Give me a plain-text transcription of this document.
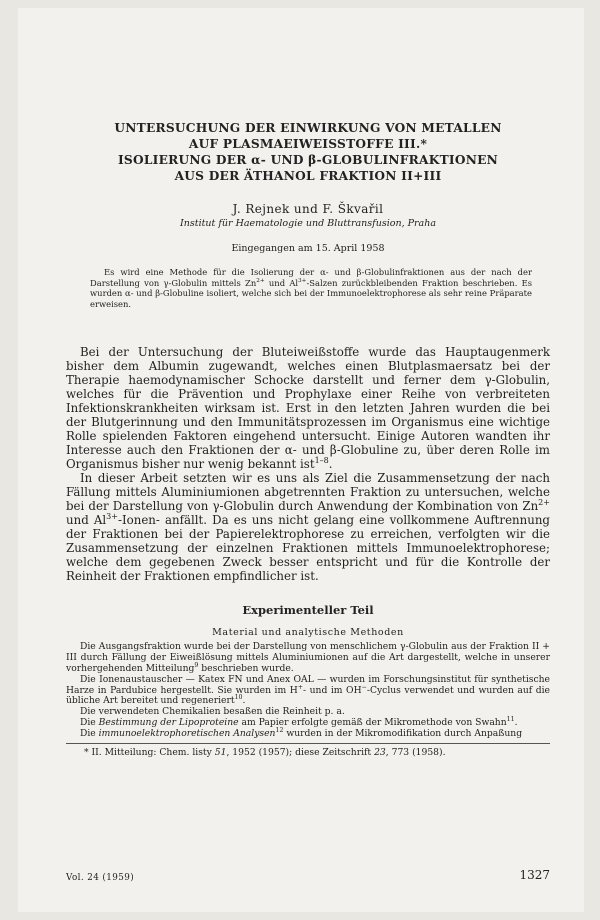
UNTERSUCHUNG DER EINWIRKUNG VON METALLEN

AUF PLASMAEIWEISSTOFFE III.*

ISOLIERUNG DER α- UND β-GLOBULINFRAKTIONEN

AUS DER ÄTHANOL FRAKTION II+III

J. Rejnek und F. Škvařil
Institut für Haematologie und Bluttransfusion, Praha
Eingegangen am 15. April 1958
Es wird eine Methode für die Isolierung der α- und β-Globulinfraktionen aus der nach der Darstellung von γ-Globulin mittels $Zn^{2+}$ und $Al^{3+}$-Salzen zurückbleibenden Fraktion beschrieben. Es wurden α- und β-Globuline isoliert, welche sich bei der Immunoelektrophorese als sehr reine Präparate erweisen.

Bei der Untersuchung der Bluteiweißstoffe wurde das Hauptaugenmerk bisher dem Albumin zugewandt, welches einen Blutplasmaersatz bei der Therapie haemodynamischer Schocke darstellt und ferner dem γ-Globulin, welches für die Prävention und Prophylaxe einer Reihe von verbreiteten Infektionskrankheiten wirksam ist. Erst in den letzten Jahren wurden die bei der Blutgerinnung und den Immunitätsprozessen im Organismus eine wichtige Rolle spielenden Faktoren eingehend untersucht. Einige Autoren wandten ihr Interesse auch den Fraktionen der α- und β-Globuline zu, über deren Rolle im Organismus bisher nur wenig bekannt ist$^{1-8}$.

In dieser Arbeit setzten wir es uns als Ziel die Zusammensetzung der nach Fällung mittels Aluminiumionen abgetrennten Fraktion zu untersuchen, welche bei der Darstellung von γ-Globulin durch Anwendung der Kombination von $Zn^{2+}$ und $Al^{3+}-Ionen-$ anfällt. Da es uns nicht gelang eine vollkommene Auftrennung der Fraktionen bei der Papierelektrophorese zu erreichen, verfolgten wir die Zusammensetzung der einzelnen Fraktionen mittels Immunoelektrophorese; welche dem gegebenen Zweck besser entspricht und für die Kontrolle der Reinheit der Fraktionen empfindlicher ist.

Experimenteller Teil
Material und analytische Methoden

Die Ausgangsfraktion wurde bei der Darstellung von menschlichem γ-Globulin aus der Fraktion II + III durch Fällung der Eiweißlösung mittels Aluminiumionen auf die Art dargestellt, welche in unserer vorhergehenden Mitteilung$^9$ beschrieben wurde.

Die Ionenaustauscher — Katex FN und Anex OAL — wurden im Forschungsinstitut für synthetische Harze in Pardubice hergestellt. Sie wurden im H+- und im OH−-Cyclus verwendet und wurden auf die übliche Art bereitet und regeneriert$^{10}$.

Die verwendeten Chemikalien besaßen die Reinheit p. a.

Die Bestimmung der Lipoproteine am Papier erfolgte gemäß der Mikromethode von Swahn$^{11}$.

Die immunoelektrophoretischen Analysen$^{12}$ wurden in der Mikromodifikation durch Anpaßung

* II. Mitteilung: Chem. listy 51, 1952 (1957); diese Zeitschrift 23, 773 (1958).
Vol. 24 (1959)	1327
